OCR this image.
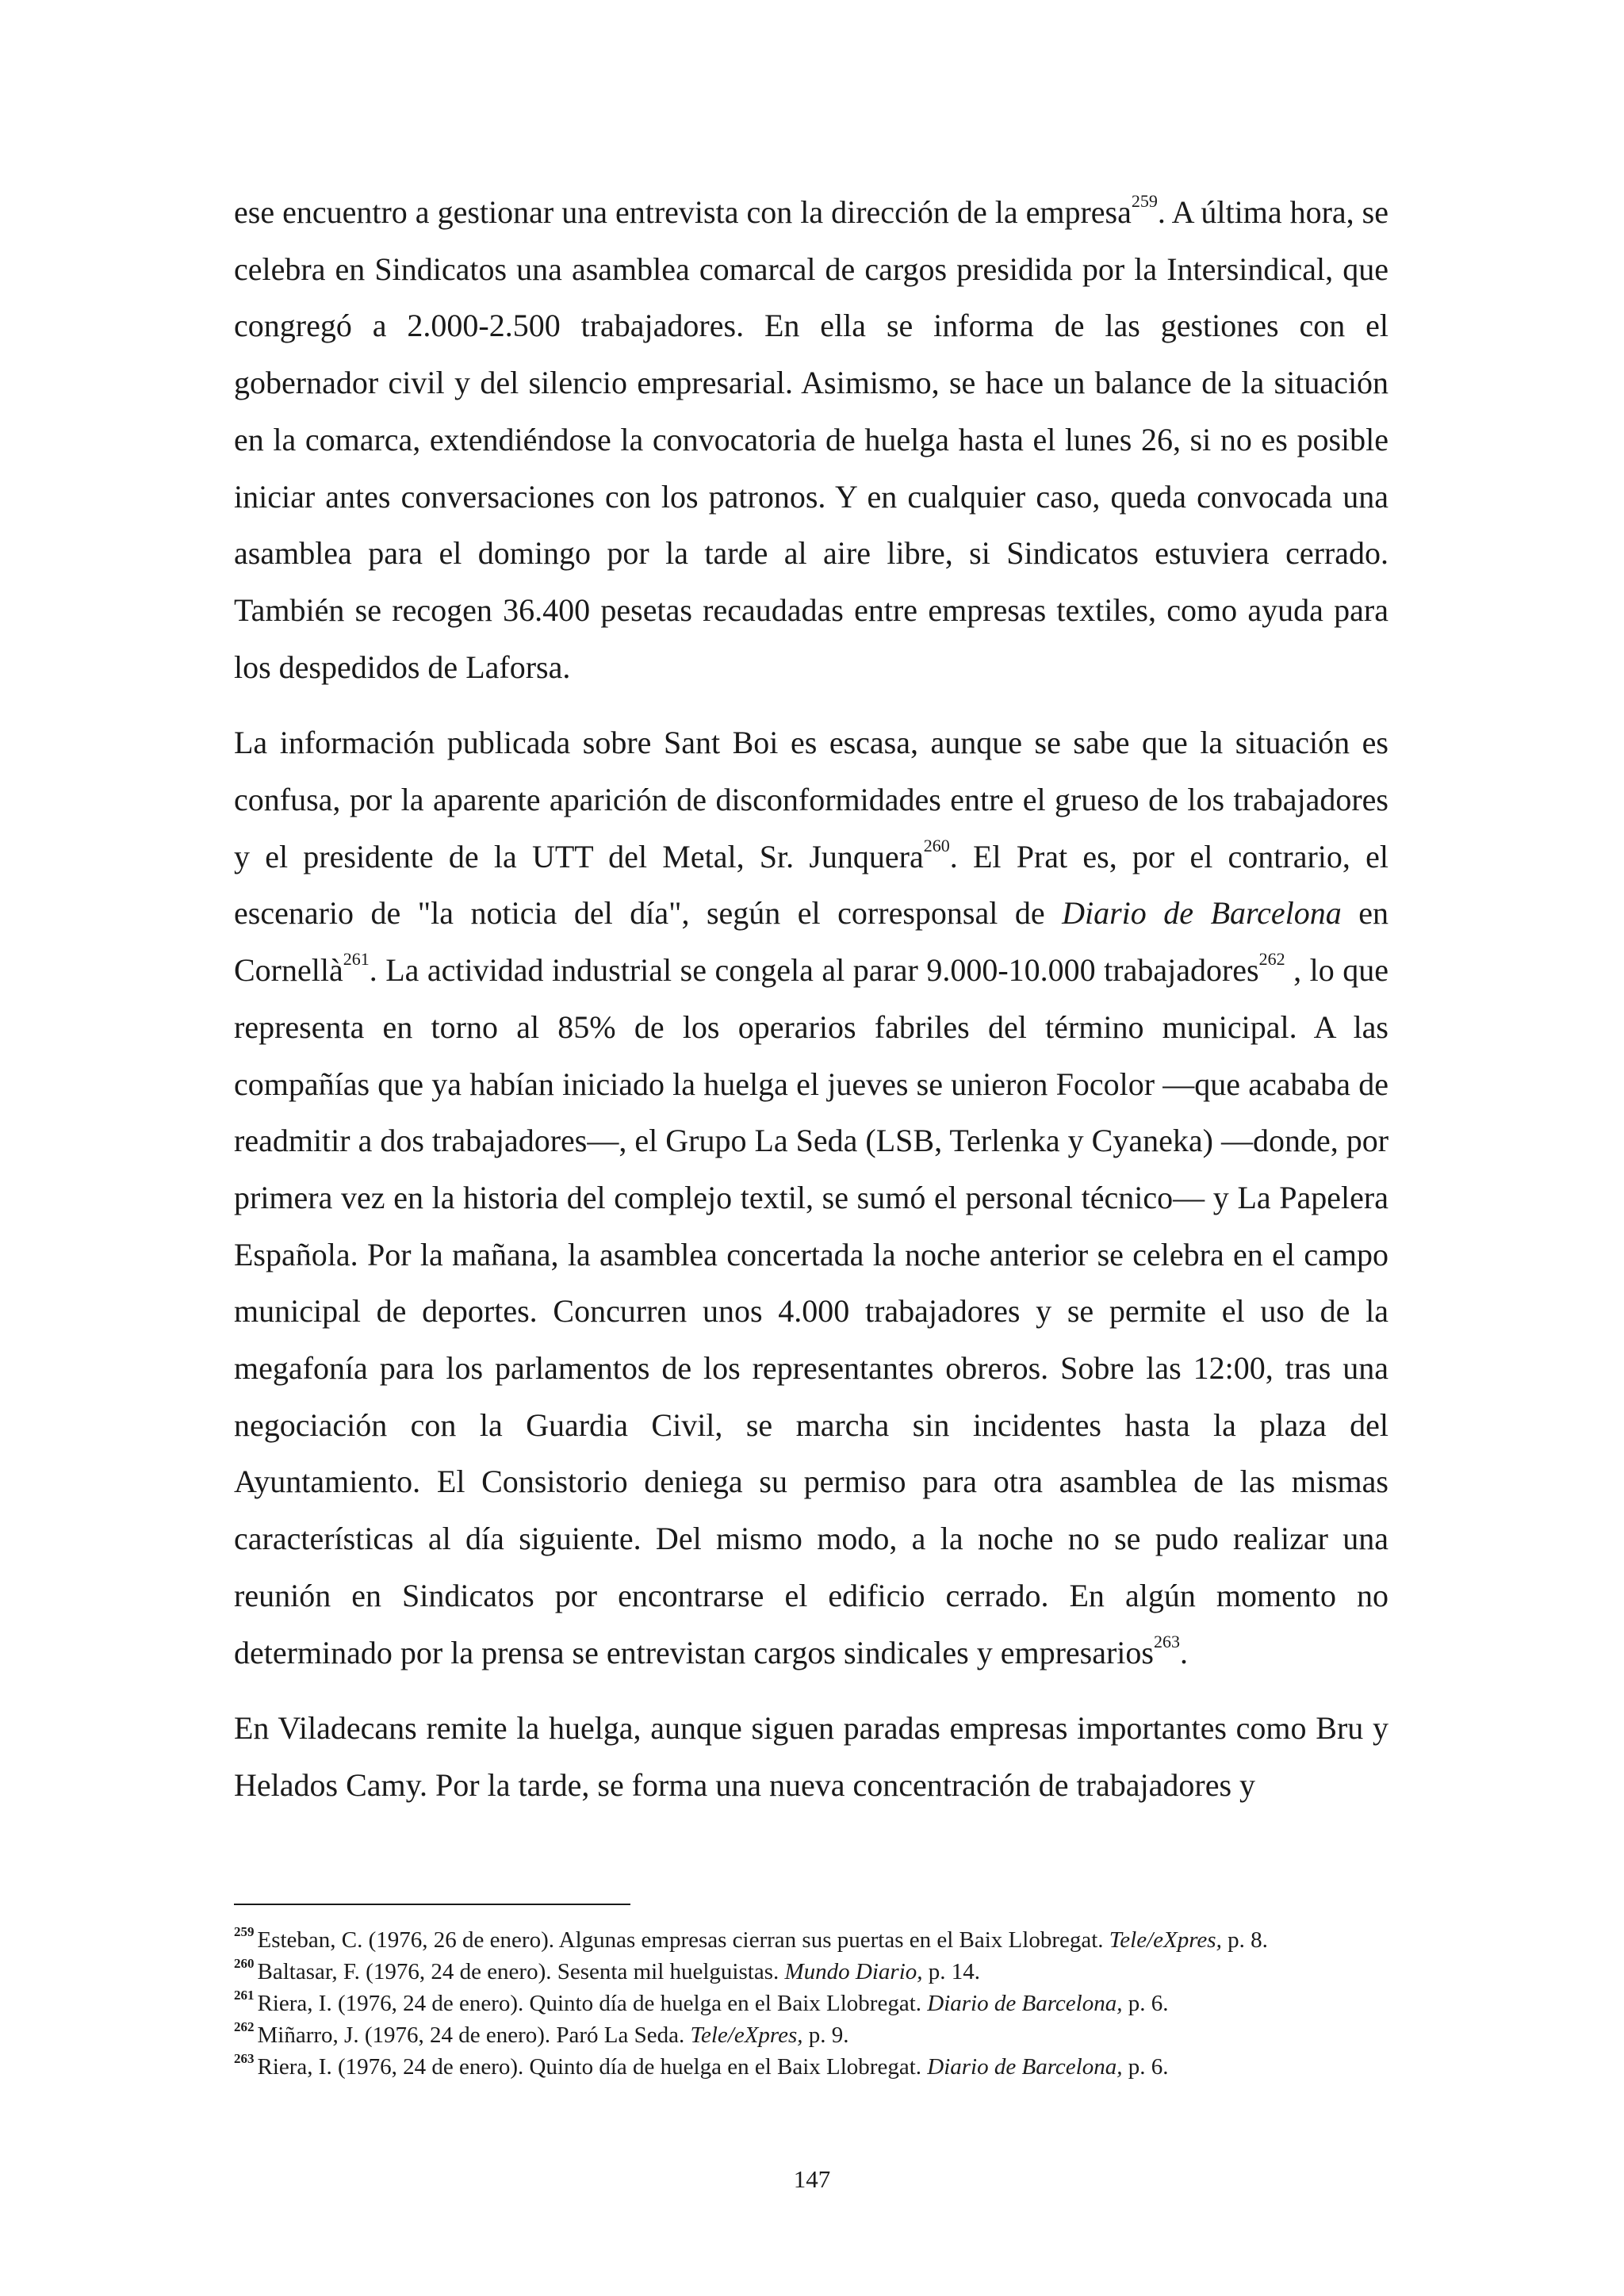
ese encuentro a gestionar una entrevista con la dirección de la empresa$^{259}$. A última hora, se celebra en Sindicatos una asamblea comarcal de cargos presidida por la Intersindical, que congregó a 2.000-2.500 trabajadores. En ella se informa de las gestiones con el gobernador civil y del silencio empresarial. Asimismo, se hace un balance de la situación en la comarca, extendiéndose la convocatoria de huelga hasta el lunes 26, si no es posible iniciar antes conversaciones con los patronos. Y en cualquier caso, queda convocada una asamblea para el domingo por la tarde al aire libre, si Sindicatos estuviera cerrado. También se recogen 36.400 pesetas recaudadas entre empresas textiles, como ayuda para los despedidos de Laforsa.

La información publicada sobre Sant Boi es escasa, aunque se sabe que la situación es confusa, por la aparente aparición de disconformidades entre el grueso de los trabajadores y el presidente de la UTT del Metal, Sr. Junquera$^{260}$. El Prat es, por el contrario, el escenario de "la noticia del día", según el corresponsal de Diario de Barcelona en Cornellà$^{261}$. La actividad industrial se congela al parar 9.000-10.000 trabajadores$^{262}$ , lo que representa en torno al 85% de los operarios fabriles del término municipal. A las compañías que ya habían iniciado la huelga el jueves se unieron Focolor —que acababa de readmitir a dos trabajadores—, el Grupo La Seda (LSB, Terlenka y Cyaneka) —donde, por primera vez en la historia del complejo textil, se sumó el personal técnico— y La Papelera Española. Por la mañana, la asamblea concertada la noche anterior se celebra en el campo municipal de deportes. Concurren unos 4.000 trabajadores y se permite el uso de la megafonía para los parlamentos de los representantes obreros. Sobre las 12:00, tras una negociación con la Guardia Civil, se marcha sin incidentes hasta la plaza del Ayuntamiento. El Consistorio deniega su permiso para otra asamblea de las mismas características al día siguiente. Del mismo modo, a la noche no se pudo realizar una reunión en Sindicatos por encontrarse el edificio cerrado. En algún momento no determinado por la prensa se entrevistan cargos sindicales y empresarios$^{263}$.

En Viladecans remite la huelga, aunque siguen paradas empresas importantes como Bru y Helados Camy. Por la tarde, se forma una nueva concentración de trabajadores y

$^{259}$ Esteban, C. (1976, 26 de enero). Algunas empresas cierran sus puertas en el Baix Llobregat. Tele/eXpres, p. 8.
$^{260}$ Baltasar, F. (1976, 24 de enero). Sesenta mil huelguistas. Mundo Diario, p. 14.
$^{261}$ Riera, I. (1976, 24 de enero). Quinto día de huelga en el Baix Llobregat. Diario de Barcelona, p. 6.
$^{262}$ Miñarro, J. (1976, 24 de enero). Paró La Seda. Tele/eXpres, p. 9.
$^{263}$ Riera, I. (1976, 24 de enero). Quinto día de huelga en el Baix Llobregat. Diario de Barcelona, p. 6.
147
